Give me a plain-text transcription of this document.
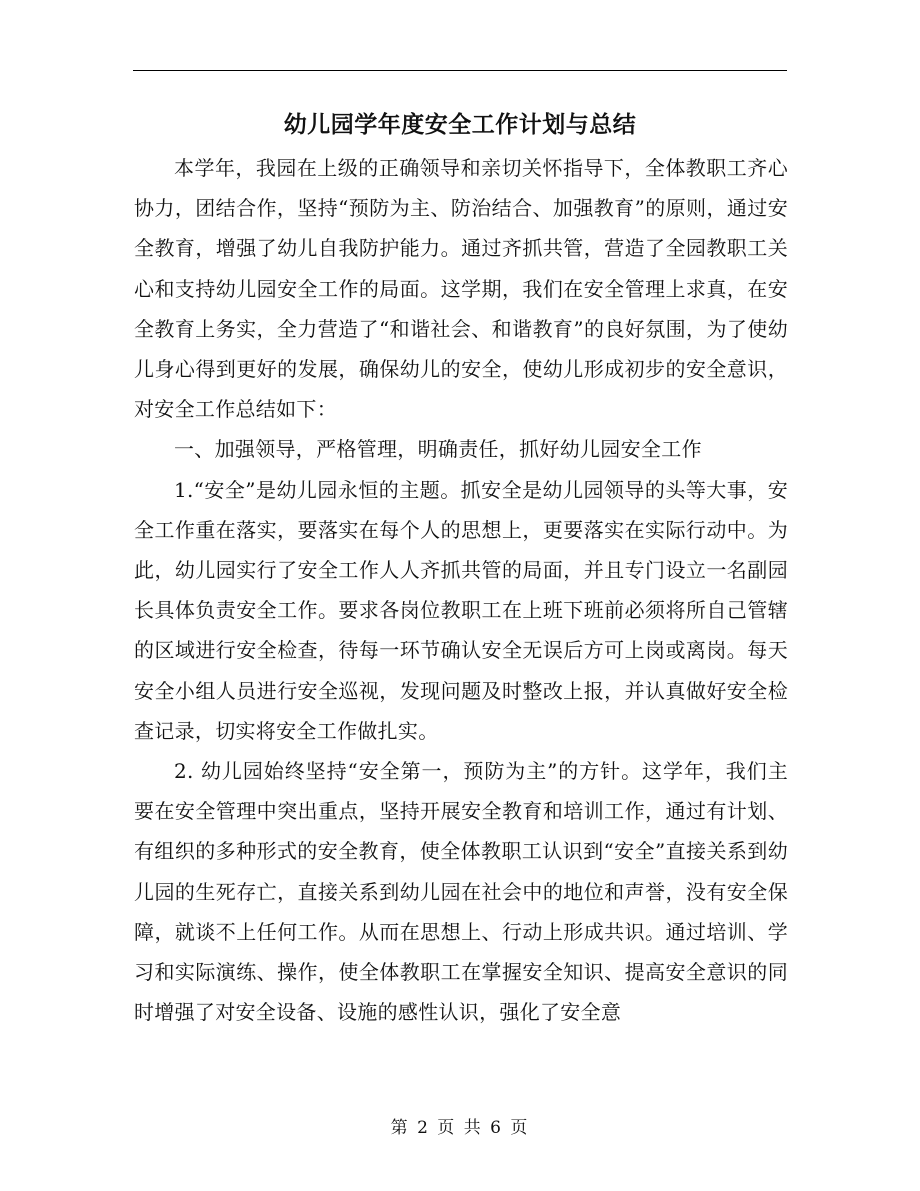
幼儿园学年度安全工作计划与总结

本学年，我园在上级的正确领导和亲切关怀指导下，全体教职工齐心协力，团结合作，坚持“预防为主、防治结合、加强教育”的原则，通过安全教育，增强了幼儿自我防护能力。通过齐抓共管，营造了全园教职工关心和支持幼儿园安全工作的局面。这学期，我们在安全管理上求真，在安全教育上务实，全力营造了“和谐社会、和谐教育”的良好氛围，为了使幼儿身心得到更好的发展，确保幼儿的安全，使幼儿形成初步的安全意识，对安全工作总结如下：

一、加强领导，严格管理，明确责任，抓好幼儿园安全工作

1.“安全”是幼儿园永恒的主题。抓安全是幼儿园领导的头等大事，安全工作重在落实，要落实在每个人的思想上，更要落实在实际行动中。为此，幼儿园实行了安全工作人人齐抓共管的局面，并且专门设立一名副园长具体负责安全工作。要求各岗位教职工在上班下班前必须将所自己管辖的区域进行安全检查，待每一环节确认安全无误后方可上岗或离岗。每天安全小组人员进行安全巡视，发现问题及时整改上报，并认真做好安全检查记录，切实将安全工作做扎实。

2. 幼儿园始终坚持“安全第一，预防为主”的方针。这学年，我们主要在安全管理中突出重点，坚持开展安全教育和培训工作，通过有计划、有组织的多种形式的安全教育，使全体教职工认识到“安全”直接关系到幼儿园的生死存亡，直接关系到幼儿园在社会中的地位和声誉，没有安全保障，就谈不上任何工作。从而在思想上、行动上形成共识。通过培训、学习和实际演练、操作，使全体教职工在掌握安全知识、提高安全意识的同时增强了对安全设备、设施的感性认识，强化了安全意

第 2 页 共 6 页
